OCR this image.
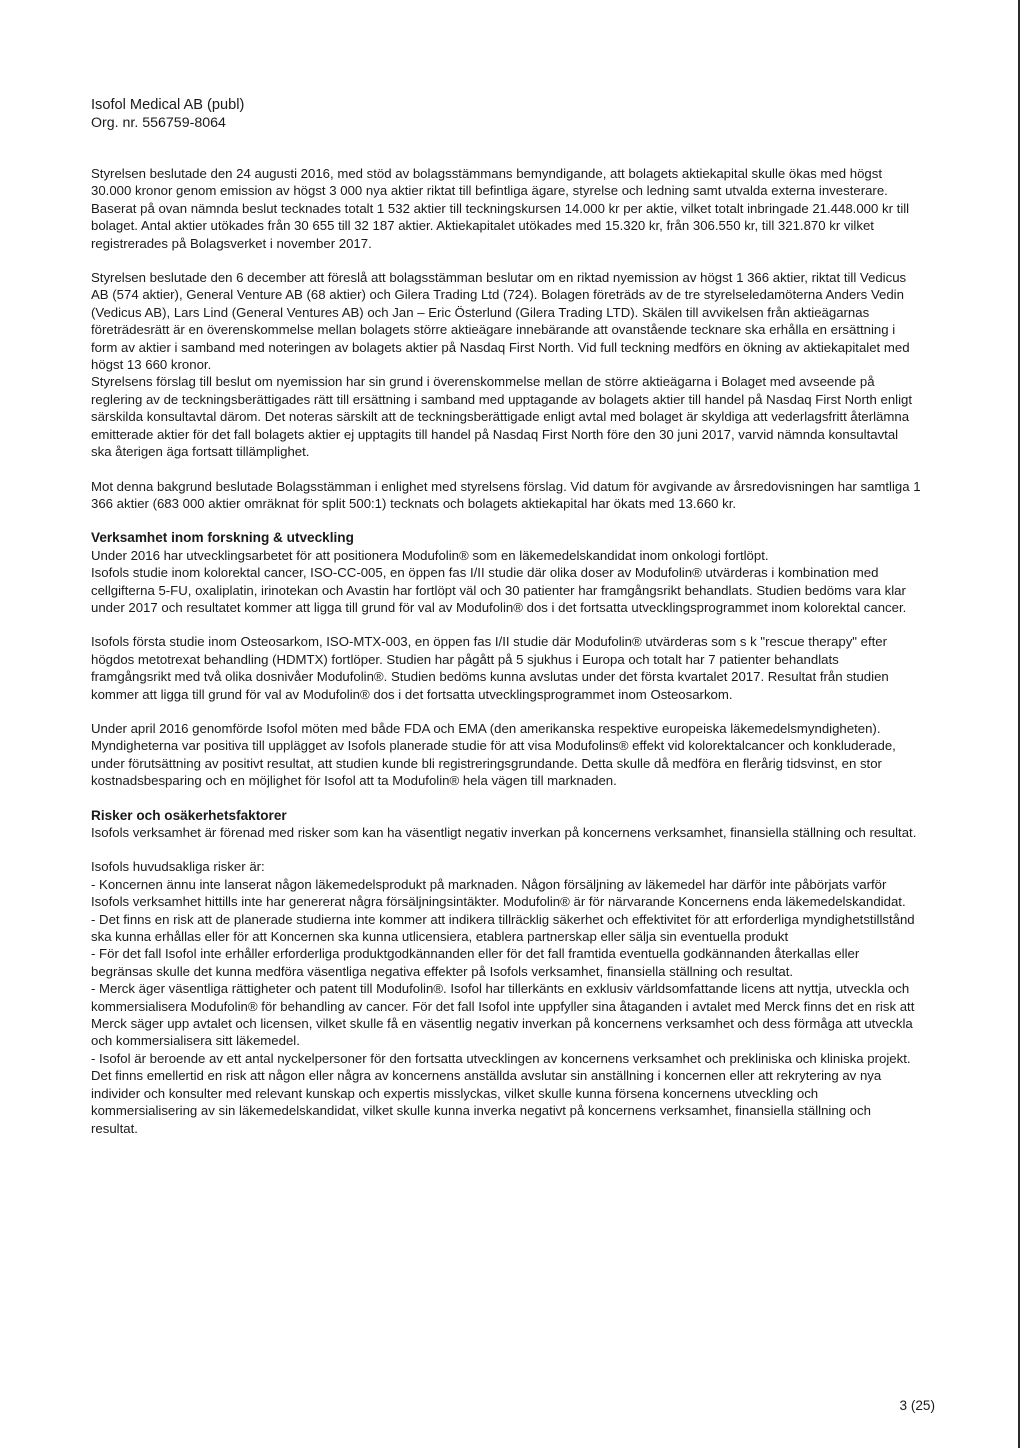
Isofol Medical AB (publ)
Org. nr. 556759-8064

Styrelsen beslutade den 24 augusti 2016, med stöd av bolagsstämmans bemyndigande, att bolagets aktiekapital skulle ökas med högst 30.000 kronor genom emission av högst 3 000 nya aktier riktat till befintliga ägare, styrelse och ledning samt utvalda externa investerare. Baserat på ovan nämnda beslut tecknades totalt 1 532 aktier till teckningskursen 14.000 kr per aktie, vilket totalt inbringade 21.448.000 kr till bolaget. Antal aktier utökades från 30 655 till 32 187 aktier. Aktiekapitalet utökades med 15.320 kr, från 306.550 kr, till 321.870 kr vilket registrerades på Bolagsverket i november 2017.

Styrelsen beslutade den 6 december att föreslå att bolagsstämman beslutar om en riktad nyemission av högst 1 366 aktier, riktat till Vedicus AB (574 aktier), General Venture AB (68 aktier) och Gilera Trading Ltd (724). Bolagen företräds av de tre styrelseledamöterna Anders Vedin (Vedicus AB), Lars Lind (General Ventures AB) och Jan – Eric Österlund (Gilera Trading LTD). Skälen till avvikelsen från aktieägarnas företrädesrätt är en överenskommelse mellan bolagets större aktieägare innebärande att ovanstående tecknare ska erhålla en ersättning i form av aktier i samband med noteringen av bolagets aktier på Nasdaq First North. Vid full teckning medförs en ökning av aktiekapitalet med högst 13 660 kronor.

Styrelsens förslag till beslut om nyemission har sin grund i överenskommelse mellan de större aktieägarna i Bolaget med avseende på reglering av de teckningsberättigades rätt till ersättning i samband med upptagande av bolagets aktier till handel på Nasdaq First North enligt särskilda konsultavtal därom. Det noteras särskilt att de teckningsberättigade enligt avtal med bolaget är skyldiga att vederlagsfritt återlämna emitterade aktier för det fall bolagets aktier ej upptagits till handel på Nasdaq First North före den 30 juni 2017, varvid nämnda konsultavtal ska återigen äga fortsatt tillämplighet.

Mot denna bakgrund beslutade Bolagsstämman i enlighet med styrelsens förslag. Vid datum för avgivande av årsredovisningen har samtliga 1 366 aktier (683 000 aktier omräknat för split 500:1) tecknats och bolagets aktiekapital har ökats med 13.660 kr.

Verksamhet inom forskning & utveckling

Under 2016 har utvecklingsarbetet för att positionera Modufolin® som en läkemedelskandidat inom onkologi fortlöpt.

Isofols studie inom kolorektal cancer, ISO-CC-005, en öppen fas I/II studie där olika doser av Modufolin® utvärderas i kombination med cellgifterna 5-FU, oxaliplatin, irinotekan och Avastin har fortlöpt väl och 30 patienter har framgångsrikt behandlats. Studien bedöms vara klar under 2017 och resultatet kommer att ligga till grund för val av Modufolin® dos i det fortsatta utvecklingsprogrammet inom kolorektal cancer.

Isofols första studie inom Osteosarkom, ISO-MTX-003, en öppen fas I/II studie där Modufolin® utvärderas som s k "rescue therapy" efter högdos metotrexat behandling (HDMTX) fortlöper. Studien har pågått på 5 sjukhus i Europa och totalt har 7 patienter behandlats framgångsrikt med två olika dosnivåer Modufolin®. Studien bedöms kunna avslutas under det första kvartalet 2017. Resultat från studien kommer att ligga till grund för val av Modufolin® dos i det fortsatta utvecklingsprogrammet inom Osteosarkom.

Under april 2016 genomförde Isofol möten med både FDA och EMA (den amerikanska respektive europeiska läkemedelsmyndigheten). Myndigheterna var positiva till upplägget av Isofols planerade studie för att visa Modufolins® effekt vid kolorektalcancer och konkluderade, under förutsättning av positivt resultat, att studien kunde bli registreringsgrundande. Detta skulle då medföra en flerårig tidsvinst, en stor kostnadsbesparing och en möjlighet för Isofol att ta Modufolin® hela vägen till marknaden.

Risker och osäkerhetsfaktorer

Isofols verksamhet är förenad med risker som kan ha väsentligt negativ inverkan på koncernens verksamhet, finansiella ställning och resultat.

Isofols huvudsakliga risker är:

- Koncernen ännu inte lanserat någon läkemedelsprodukt på marknaden. Någon försäljning av läkemedel har därför inte påbörjats varför Isofols verksamhet hittills inte har genererat några försäljningsintäkter. Modufolin® är för närvarande Koncernens enda läkemedelskandidat.

- Det finns en risk att de planerade studierna inte kommer att indikera tillräcklig säkerhet och effektivitet för att erforderliga myndighetstillstånd ska kunna erhållas eller för att Koncernen ska kunna utlicensiera, etablera partnerskap eller sälja sin eventuella produkt

- För det fall Isofol inte erhåller erforderliga produktgodkännanden eller för det fall framtida eventuella godkännanden återkallas eller begränsas skulle det kunna medföra väsentliga negativa effekter på Isofols verksamhet, finansiella ställning och resultat.

- Merck äger väsentliga rättigheter och patent till Modufolin®. Isofol har tillerkänts en exklusiv världsomfattande licens att nyttja, utveckla och kommersialisera Modufolin® för behandling av cancer. För det fall Isofol inte uppfyller sina åtaganden i avtalet med Merck finns det en risk att Merck säger upp avtalet och licensen, vilket skulle få en väsentlig negativ inverkan på koncernens verksamhet och dess förmåga att utveckla och kommersialisera sitt läkemedel.

- Isofol är beroende av ett antal nyckelpersoner för den fortsatta utvecklingen av koncernens verksamhet och prekliniska och kliniska projekt. Det finns emellertid en risk att någon eller några av koncernens anställda avslutar sin anställning i koncernen eller att rekrytering av nya individer och konsulter med relevant kunskap och expertis misslyckas, vilket skulle kunna försena koncernens utveckling och kommersialisering av sin läkemedelskandidat, vilket skulle kunna inverka negativt på koncernens verksamhet, finansiella ställning och resultat.

3 (25)
